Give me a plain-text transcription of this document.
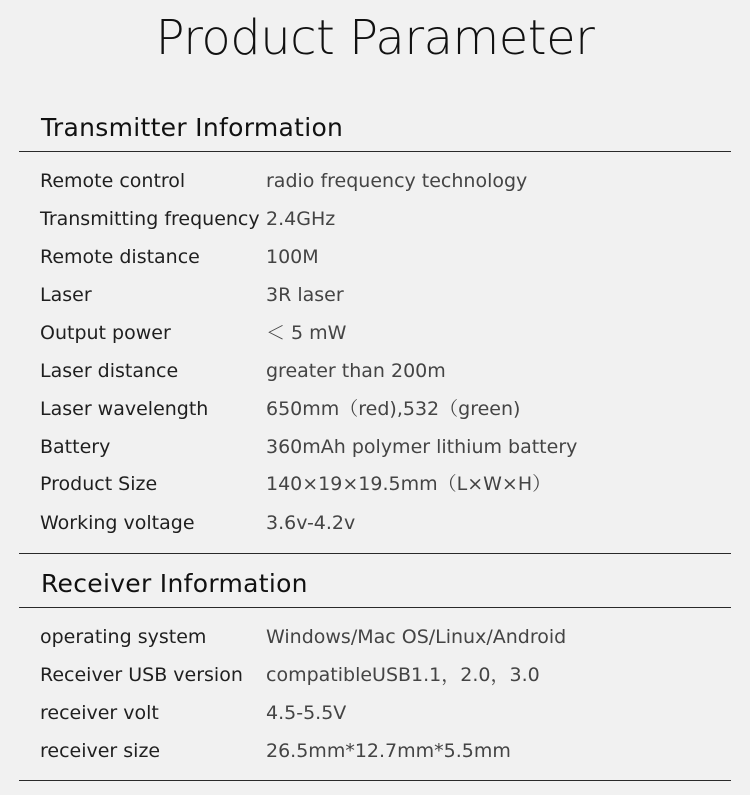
Product Parameter
Transmitter Information
Remote control	radio frequency technology
Transmitting frequency 2.4GHz
Remote distance	100M
Laser	3R laser
Output power	＜ 5 mW
Laser distance	greater than 200m
Laser wavelength	650mm（red),532（green)
Battery	360mAh polymer lithium battery
Product Size	140×19×19.5mm（L×W×H）
Working voltage	3.6v-4.2v
Receiver Information
operating system	Windows/Mac OS/Linux/Android
Receiver USB version compatibleUSB1.1，2.0，3.0
receiver volt	4.5-5.5V
receiver size	26.5mm*12.7mm*5.5mm
